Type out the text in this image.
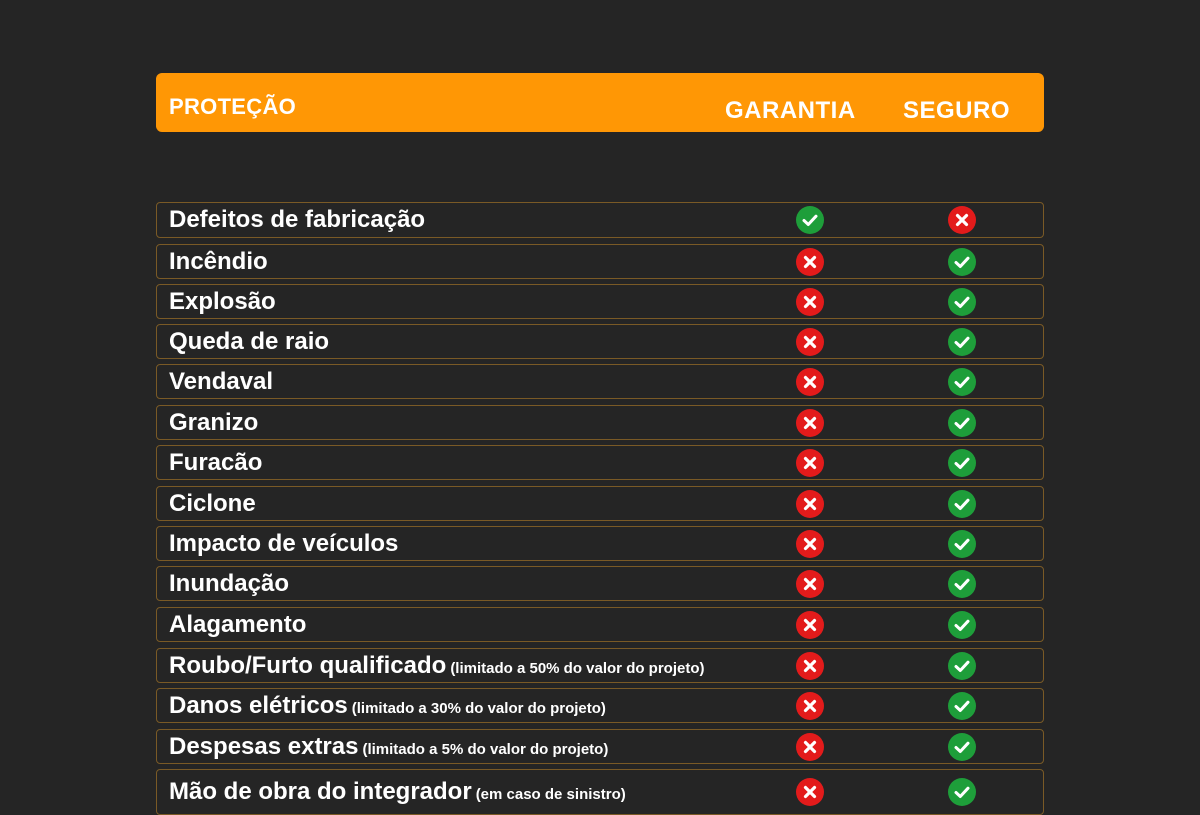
PROTEÇÃO	GARANTIA SEGURO
Defeitos de fabricação
Incêndio
Explosão
Queda de raio
Vendaval
Granizo
Furacão
Ciclone
Impacto de veículos
Inundação
Alagamento
Roubo/Furto qualificado (limitado a 50% do valor do projeto)
Danos elétricos (limitado a 30% do valor do projeto)
Despesas extras (limitado a 5% do valor do projeto)
Mão de obra do integrador (em caso de sinistro)
